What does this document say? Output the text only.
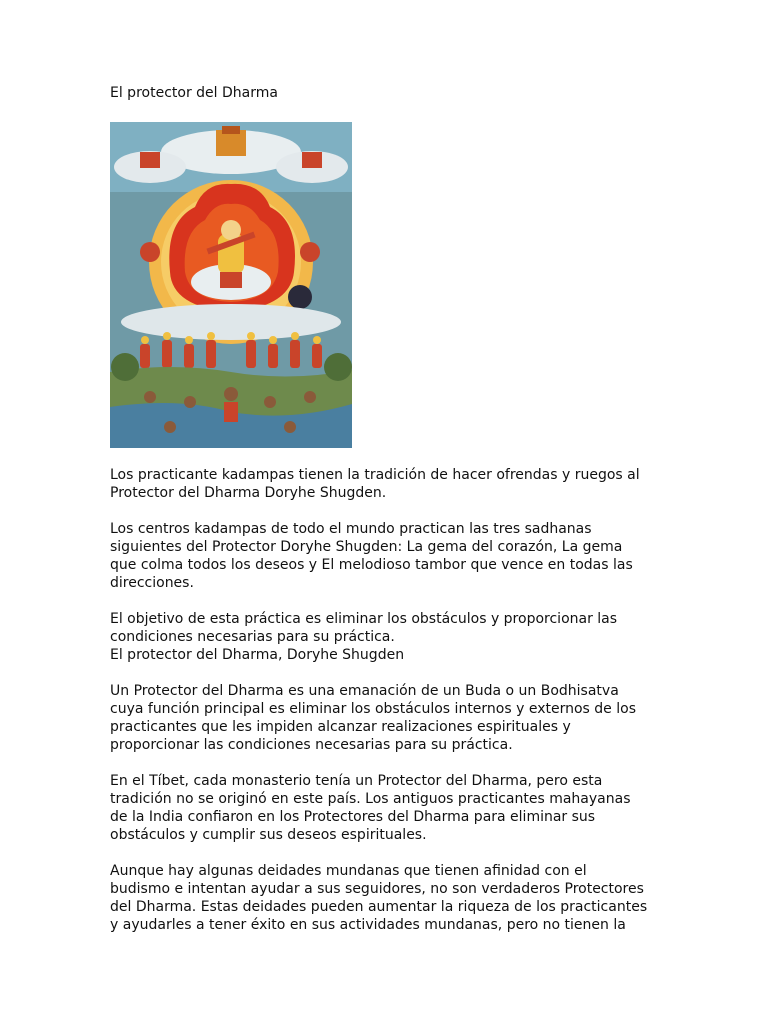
El protector del Dharma

Los practicante kadampas tienen la tradición de hacer ofrendas y ruegos al
Protector del Dharma Doryhe Shugden.

Los centros kadampas de todo el mundo practican las tres sadhanas
siguientes del Protector Doryhe Shugden: La gema del corazón, La gema
que colma todos los deseos y El melodioso tambor que vence en todas las
direcciones.

El objetivo de esta práctica es eliminar los obstáculos y proporcionar las
condiciones necesarias para su práctica.
El protector del Dharma, Doryhe Shugden

Un Protector del Dharma es una emanación de un Buda o un Bodhisatva
cuya función principal es eliminar los obstáculos internos y externos de los
practicantes que les impiden alcanzar realizaciones espirituales y
proporcionar las condiciones necesarias para su práctica.

En el Tíbet, cada monasterio tenía un Protector del Dharma, pero esta
tradición no se originó en este país. Los antiguos practicantes mahayanas
de la India confiaron en los Protectores del Dharma para eliminar sus
obstáculos y cumplir sus deseos espirituales.

Aunque hay algunas deidades mundanas que tienen afinidad con el
budismo e intentan ayudar a sus seguidores, no son verdaderos Protectores
del Dharma. Estas deidades pueden aumentar la riqueza de los practicantes
y ayudarles a tener éxito en sus actividades mundanas, pero no tienen la
